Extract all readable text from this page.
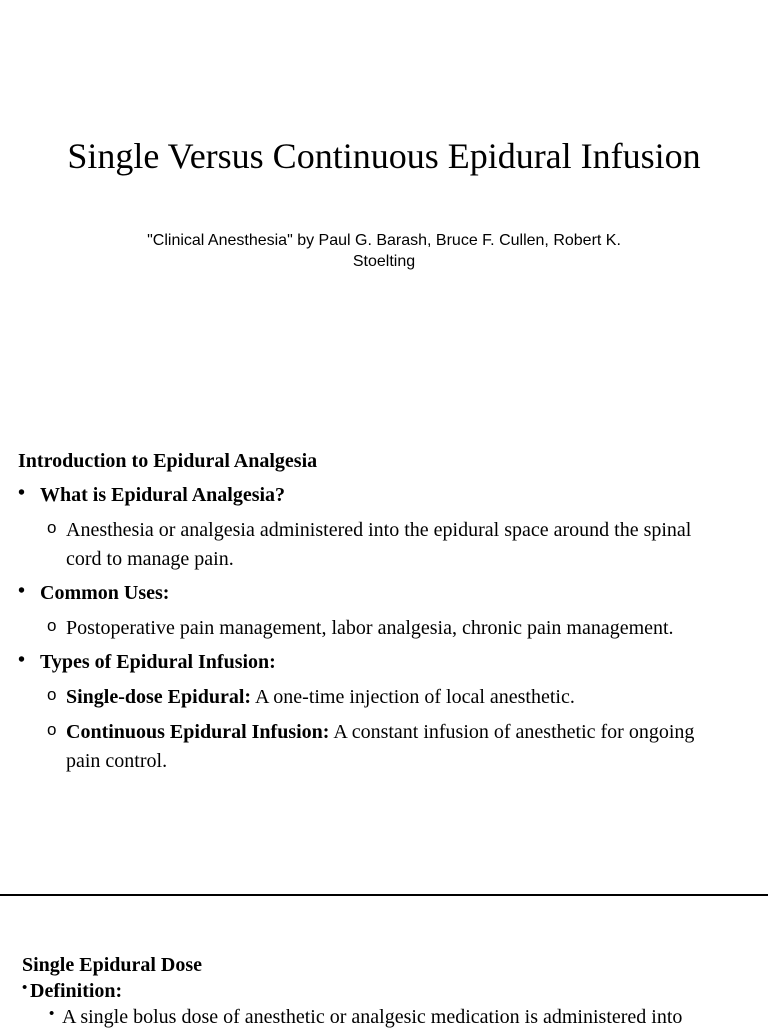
Single Versus Continuous Epidural Infusion
"Clinical Anesthesia" by Paul G. Barash, Bruce F. Cullen, Robert K. Stoelting
Introduction to Epidural Analgesia
• What is Epidural Analgesia?
o Anesthesia or analgesia administered into the epidural space around the spinal cord to manage pain.
• Common Uses:
o Postoperative pain management, labor analgesia, chronic pain management.
• Types of Epidural Infusion:
o Single-dose Epidural: A one-time injection of local anesthetic.
o Continuous Epidural Infusion: A constant infusion of anesthetic for ongoing pain control.
Single Epidural Dose
• Definition:
• A single bolus dose of anesthetic or analgesic medication is administered into
